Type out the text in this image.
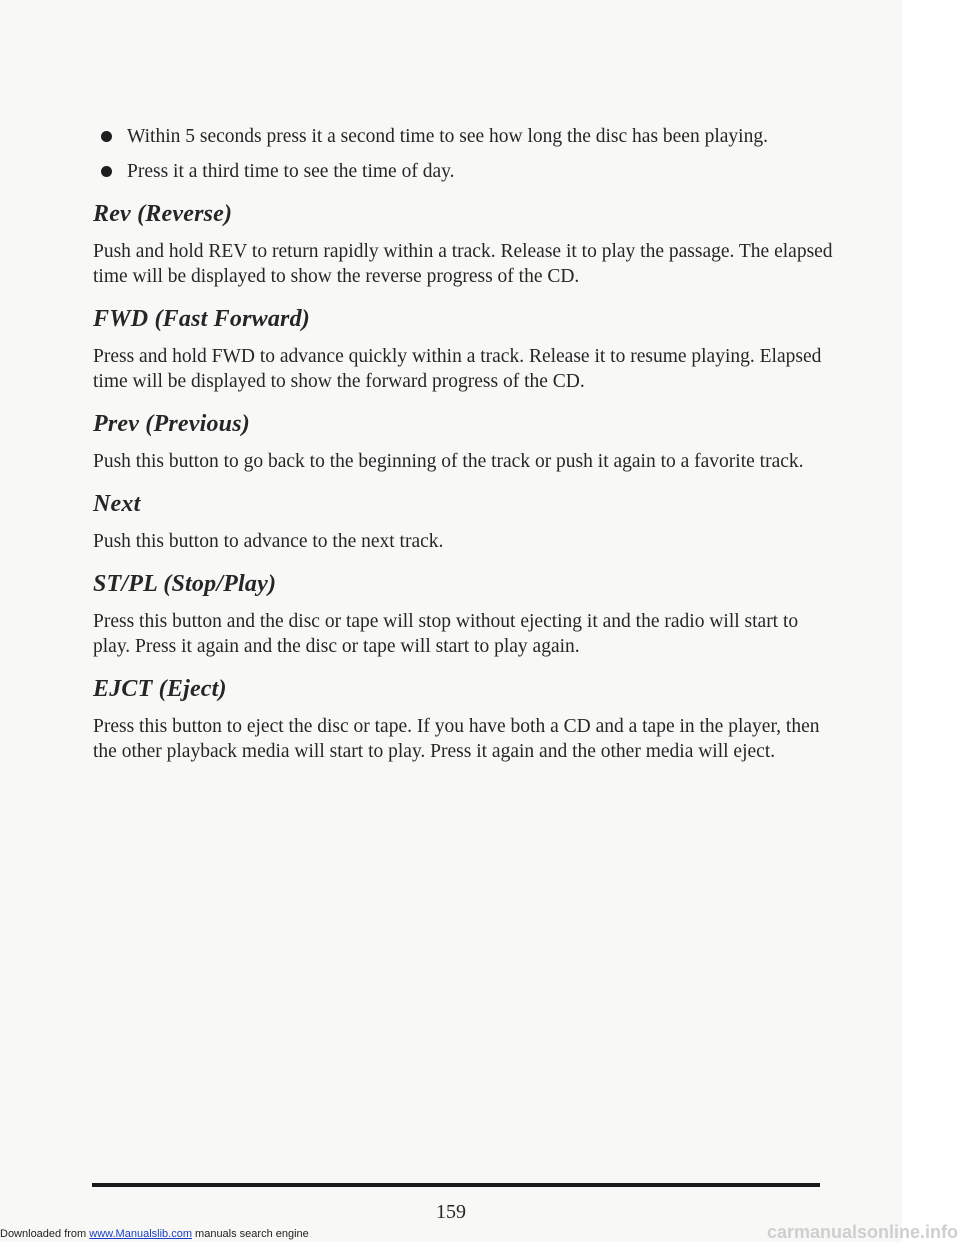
Within 5 seconds press it a second time to see how long the disc has been playing.
Press it a third time to see the time of day.
Rev (Reverse)

Push and hold REV to return rapidly within a track. Release it to play the passage. The elapsed time will be displayed to show the reverse progress of the CD.

FWD (Fast Forward)

Press and hold FWD to advance quickly within a track. Release it to resume playing. Elapsed time will be displayed to show the forward progress of the CD.

Prev (Previous)

Push this button to go back to the beginning of the track or push it again to a favorite track.

Next

Push this button to advance to the next track.

ST/PL (Stop/Play)

Press this button and the disc or tape will stop without ejecting it and the radio will start to play. Press it again and the disc or tape will start to play again.

EJCT (Eject)

Press this button to eject the disc or tape. If you have both a CD and a tape in the player, then the other playback media will start to play. Press it again and the other media will eject.

159
Downloaded from www.Manualslib.com manuals search engine	carmanualsonline.info
